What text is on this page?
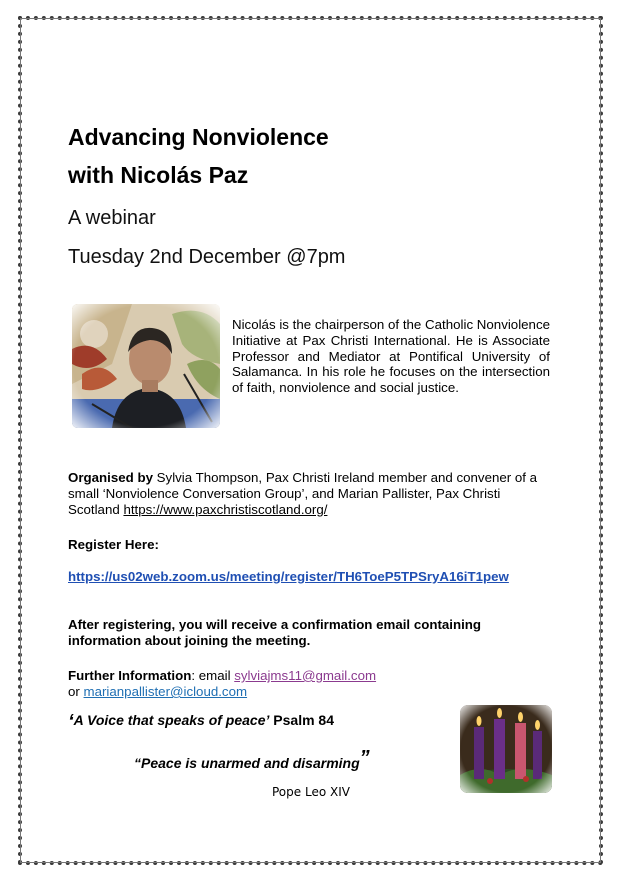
Advancing Nonviolence
with Nicolás Paz

A webinar

Tuesday 2nd December @7pm

Nicolás is the chairperson of the Catholic Nonviolence Initiative at Pax Christi International. He is Associate Professor and Mediator at Pontifical University of Salamanca. In his role he focuses on the intersection of faith, nonviolence and social justice.

Organised by Sylvia Thompson, Pax Christi Ireland member and convener of a small ‘Nonviolence Conversation Group’, and Marian Pallister, Pax Christi Scotland https://www.paxchristiscotland.org/

Register Here:

https://us02web.zoom.us/meeting/register/TH6ToeP5TPSryA16iT1pew

After registering, you will receive a confirmation email containing information about joining the meeting.

Further Information: email sylviajms11@gmail.com
or marianpallister@icloud.com

‘A Voice that speaks of peace’ Psalm 84

“Peace is unarmed and disarming”

Pope Leo XIV
